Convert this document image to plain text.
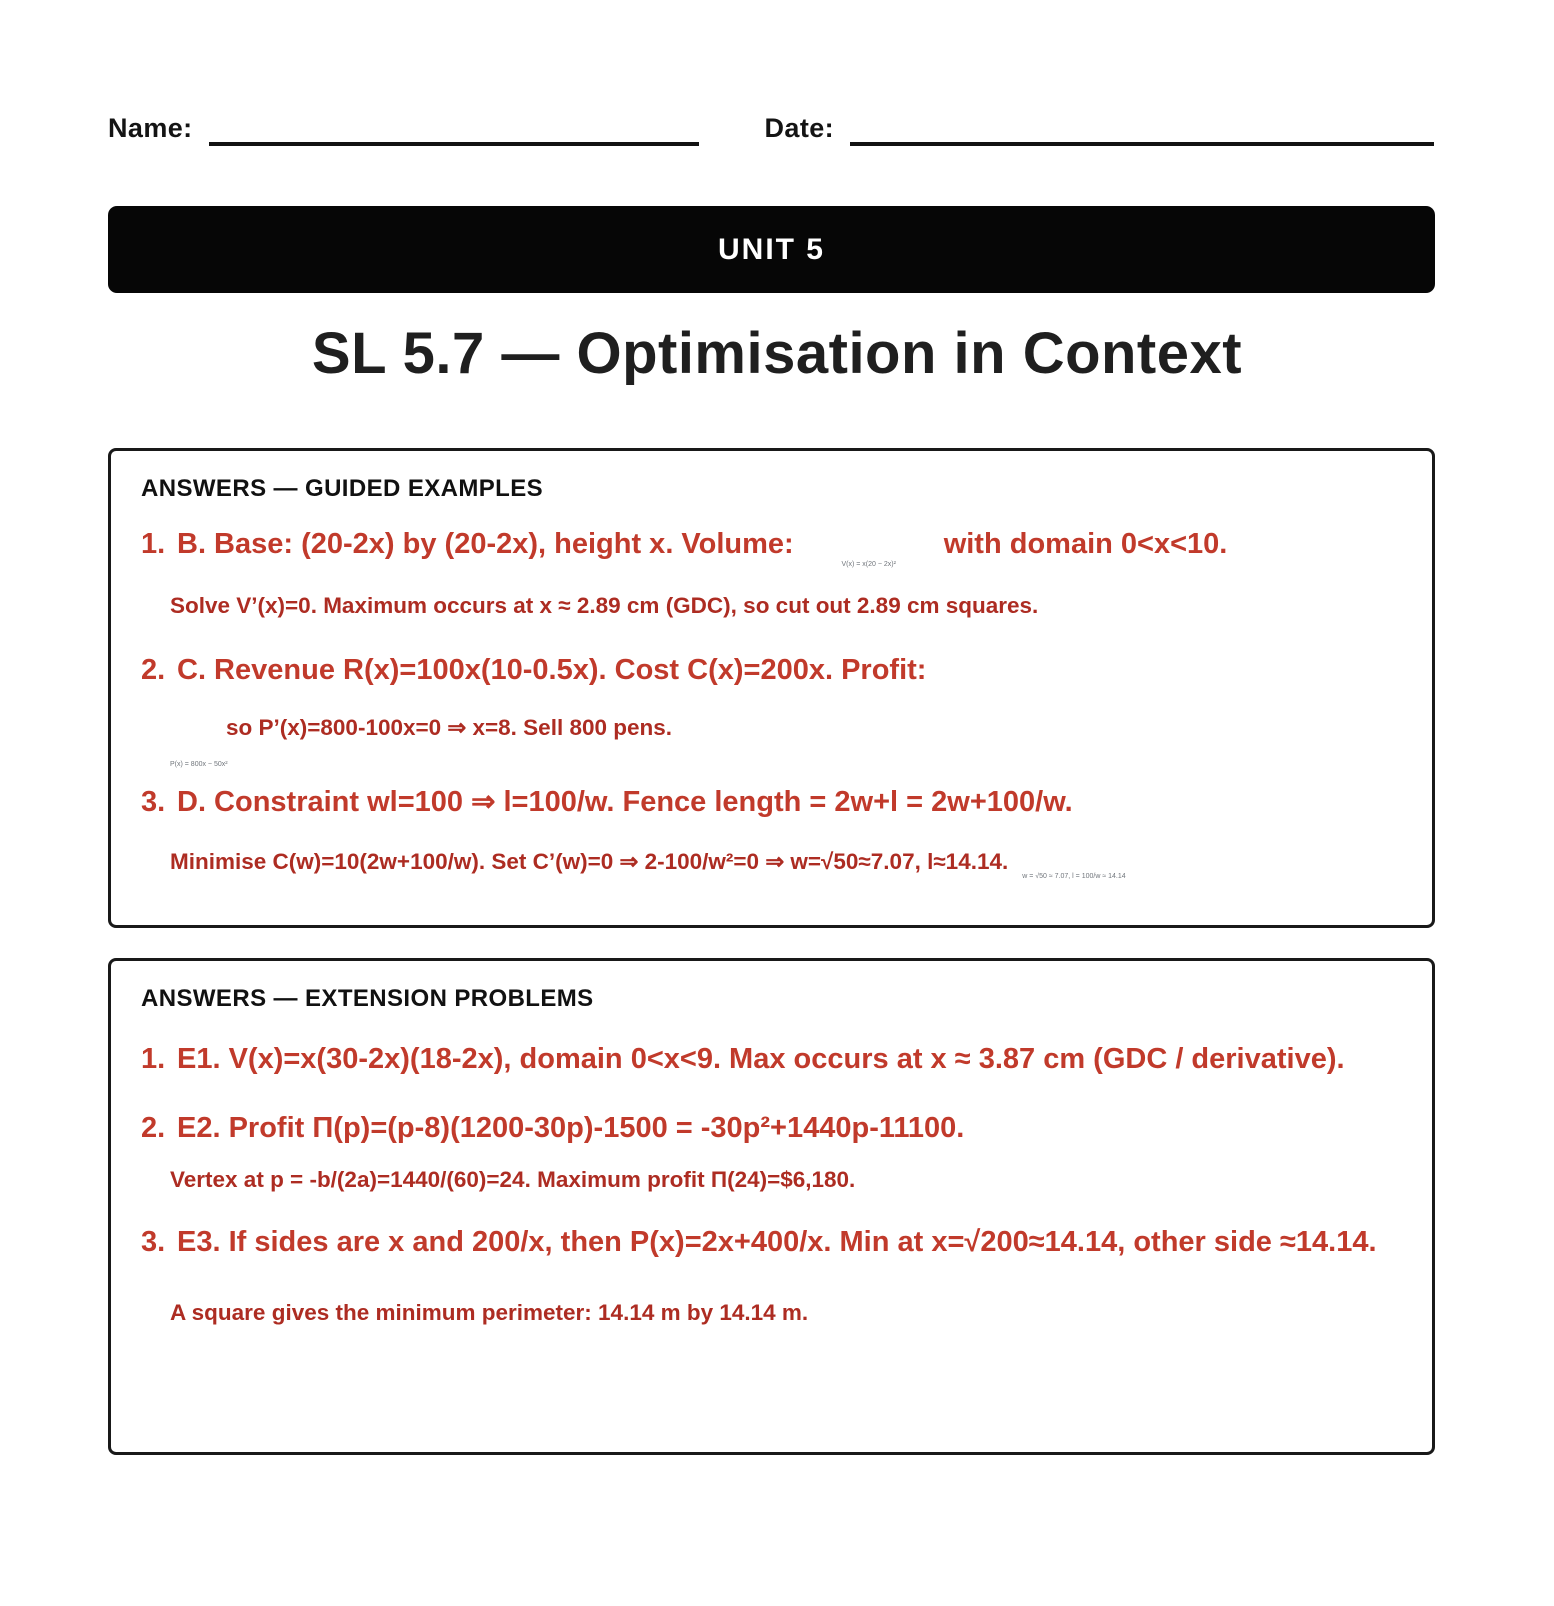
Name:	Date:
UNIT 5
SL 5.7 — Optimisation in Context
ANSWERS — GUIDED EXAMPLES
1. B. Base: (20-2x) by (20-2x), height x. Volume:V(x) = x(20 − 2x)²with domain 0<x<10.
Solve V’(x)=0. Maximum occurs at x ≈ 2.89 cm (GDC), so cut out 2.89 cm squares.
2. C. Revenue R(x)=100x(10-0.5x). Cost C(x)=200x. Profit:
so P’(x)=800-100x=0 ⇒ x=8. Sell 800 pens.
P(x) = 800x − 50x²
3. D. Constraint wl=100 ⇒ l=100/w. Fence length = 2w+l = 2w+100/w.
Minimise C(w)=10(2w+100/w). Set C’(w)=0 ⇒ 2-100/w²=0 ⇒ w=√50≈7.07, l≈14.14.w = √50 ≈ 7.07, l = 100/w ≈ 14.14
ANSWERS — EXTENSION PROBLEMS
1. E1. V(x)=x(30-2x)(18-2x), domain 0<x<9. Max occurs at x ≈ 3.87 cm (GDC / derivative).
2. E2. Profit Π(p)=(p-8)(1200-30p)-1500 = -30p²+1440p-11100.
Vertex at p = -b/(2a)=1440/(60)=24. Maximum profit Π(24)=$6,180.
3. E3. If sides are x and 200/x, then P(x)=2x+400/x. Min at x=√200≈14.14, other side ≈14.14.
A square gives the minimum perimeter: 14.14 m by 14.14 m.
